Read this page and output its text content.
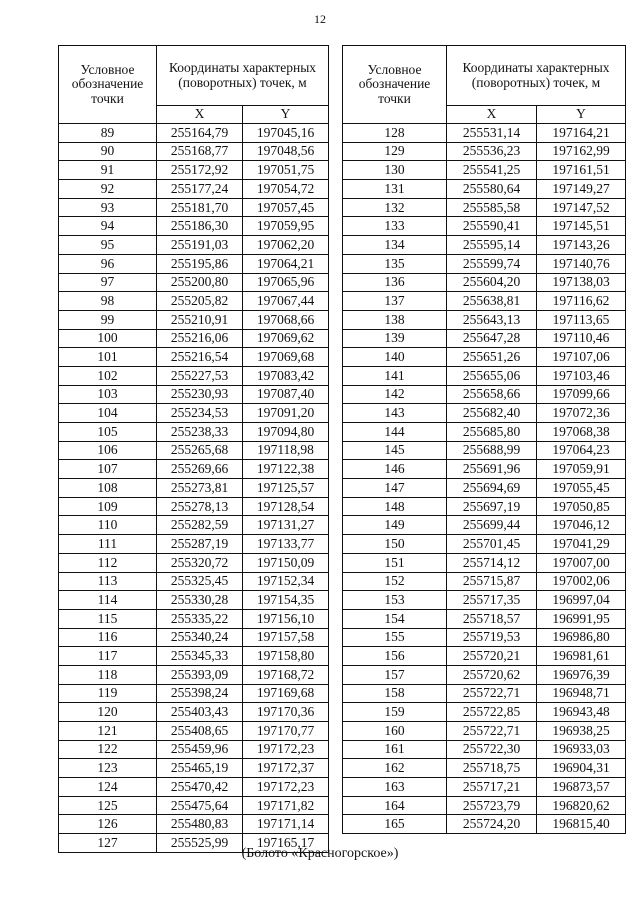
12
Условное обозначение точки	Координаты характерных (поворотных) точек, м	
	X	Y
89	255164,79	197045,16
90	255168,77	197048,56
91	255172,92	197051,75
92	255177,24	197054,72
93	255181,70	197057,45
94	255186,30	197059,95
95	255191,03	197062,20
96	255195,86	197064,21
97	255200,80	197065,96
98	255205,82	197067,44
99	255210,91	197068,66
100	255216,06	197069,62
101	255216,54	197069,68
102	255227,53	197083,42
103	255230,93	197087,40
104	255234,53	197091,20
105	255238,33	197094,80
106	255265,68	197118,98
107	255269,66	197122,38
108	255273,81	197125,57
109	255278,13	197128,54
110	255282,59	197131,27
111	255287,19	197133,77
112	255320,72	197150,09
113	255325,45	197152,34
114	255330,28	197154,35
115	255335,22	197156,10
116	255340,24	197157,58
117	255345,33	197158,80
118	255393,09	197168,72
119	255398,24	197169,68
120	255403,43	197170,36
121	255408,65	197170,77
122	255459,96	197172,23
123	255465,19	197172,37
124	255470,42	197172,23
125	255475,64	197171,82
126	255480,83	197171,14
127	255525,99	197165,17
Условное обозначение точки	Координаты характерных (поворотных) точек, м	
	X	Y
128	255531,14	197164,21
129	255536,23	197162,99
130	255541,25	197161,51
131	255580,64	197149,27
132	255585,58	197147,52
133	255590,41	197145,51
134	255595,14	197143,26
135	255599,74	197140,76
136	255604,20	197138,03
137	255638,81	197116,62
138	255643,13	197113,65
139	255647,28	197110,46
140	255651,26	197107,06
141	255655,06	197103,46
142	255658,66	197099,66
143	255682,40	197072,36
144	255685,80	197068,38
145	255688,99	197064,23
146	255691,96	197059,91
147	255694,69	197055,45
148	255697,19	197050,85
149	255699,44	197046,12
150	255701,45	197041,29
151	255714,12	197007,00
152	255715,87	197002,06
153	255717,35	196997,04
154	255718,57	196991,95
155	255719,53	196986,80
156	255720,21	196981,61
157	255720,62	196976,39
158	255722,71	196948,71
159	255722,85	196943,48
160	255722,71	196938,25
161	255722,30	196933,03
162	255718,75	196904,31
163	255717,21	196873,57
164	255723,79	196820,62
165	255724,20	196815,40
(Болото «Красногорское»)
